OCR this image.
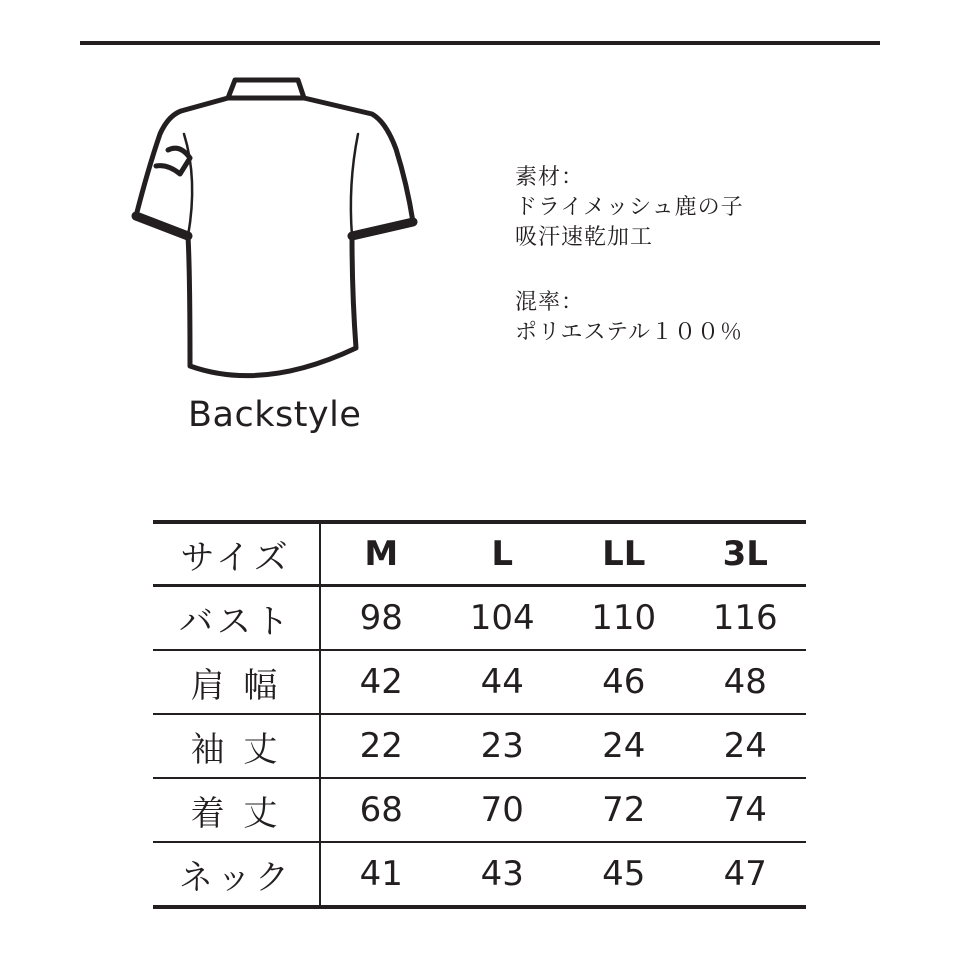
Backstyle
素材：
ドライメッシュ鹿の子
吸汗速乾加工
混率：
ポリエステル１００％
サイズ	M	L	LL	3L
バスト	98	104	110	116
肩 幅	42	44	46	48
袖 丈	22	23	24	24
着 丈	68	70	72	74
ネック	41	43	45	47
